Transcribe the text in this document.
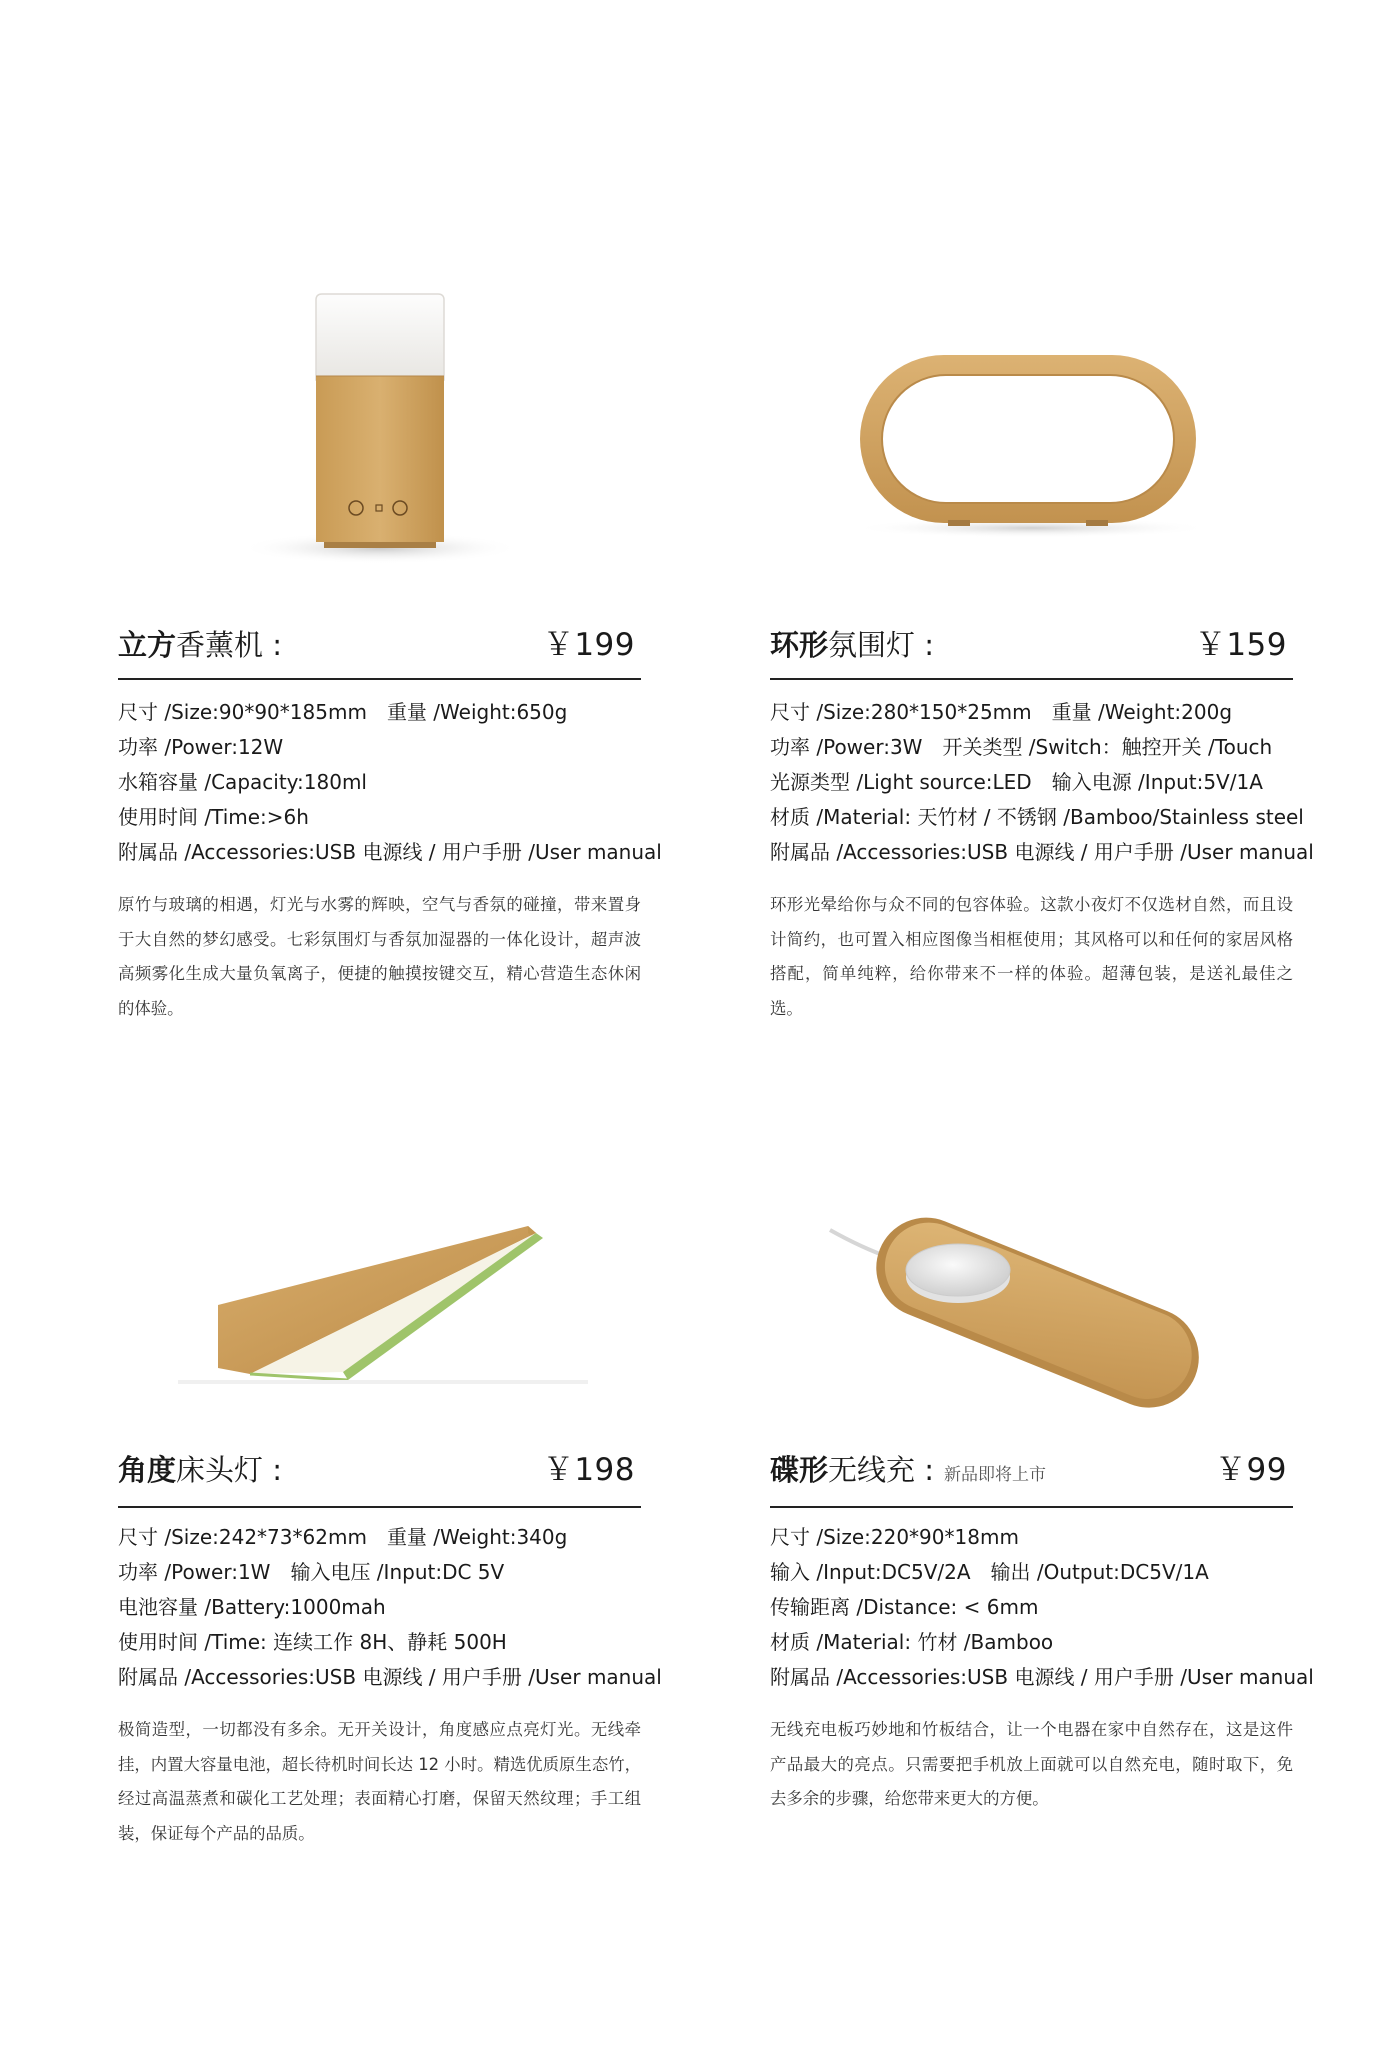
立方香薰机 :	￥199
尺寸 /Size:90*90*185mm 重量 /Weight:650g
功率 /Power:12W
水箱容量 /Capacity:180ml
使用时间 /Time:>6h
附属品 /Accessories:USB 电源线 / 用户手册 /User manual

原竹与玻璃的相遇，灯光与水雾的辉映，空气与香氛的碰撞，带来置身于大自然的梦幻感受。七彩氛围灯与香氛加湿器的一体化设计，超声波高频雾化生成大量负氧离子，便捷的触摸按键交互，精心营造生态休闲的体验。

环形氛围灯 :	￥159
尺寸 /Size:280*150*25mm 重量 /Weight:200g
功率 /Power:3W 开关类型 /Switch：触控开关 /Touch
光源类型 /Light source:LED 输入电源 /Input:5V/1A
材质 /Material: 天竹材 / 不锈钢 /Bamboo/Stainless steel
附属品 /Accessories:USB 电源线 / 用户手册 /User manual

环形光晕给你与众不同的包容体验。这款小夜灯不仅选材自然，而且设计简约，也可置入相应图像当相框使用；其风格可以和任何的家居风格搭配，简单纯粹，给你带来不一样的体验。超薄包装，是送礼最佳之选。

角度床头灯 :	￥198
尺寸 /Size:242*73*62mm 重量 /Weight:340g
功率 /Power:1W 输入电压 /Input:DC 5V
电池容量 /Battery:1000mah
使用时间 /Time: 连续工作 8H、静耗 500H
附属品 /Accessories:USB 电源线 / 用户手册 /User manual

极简造型，一切都没有多余。无开关设计，角度感应点亮灯光。无线牵挂，内置大容量电池，超长待机时间长达 12 小时。精选优质原生态竹，经过高温蒸煮和碳化工艺处理；表面精心打磨，保留天然纹理；手工组装，保证每个产品的品质。

碟形无线充 : 新品即将上市	￥99
尺寸 /Size:220*90*18mm
输入 /Input:DC5V/2A 输出 /Output:DC5V/1A
传输距离 /Distance: < 6mm
材质 /Material: 竹材 /Bamboo
附属品 /Accessories:USB 电源线 / 用户手册 /User manual

无线充电板巧妙地和竹板结合，让一个电器在家中自然存在，这是这件产品最大的亮点。只需要把手机放上面就可以自然充电，随时取下，免去多余的步骤，给您带来更大的方便。
